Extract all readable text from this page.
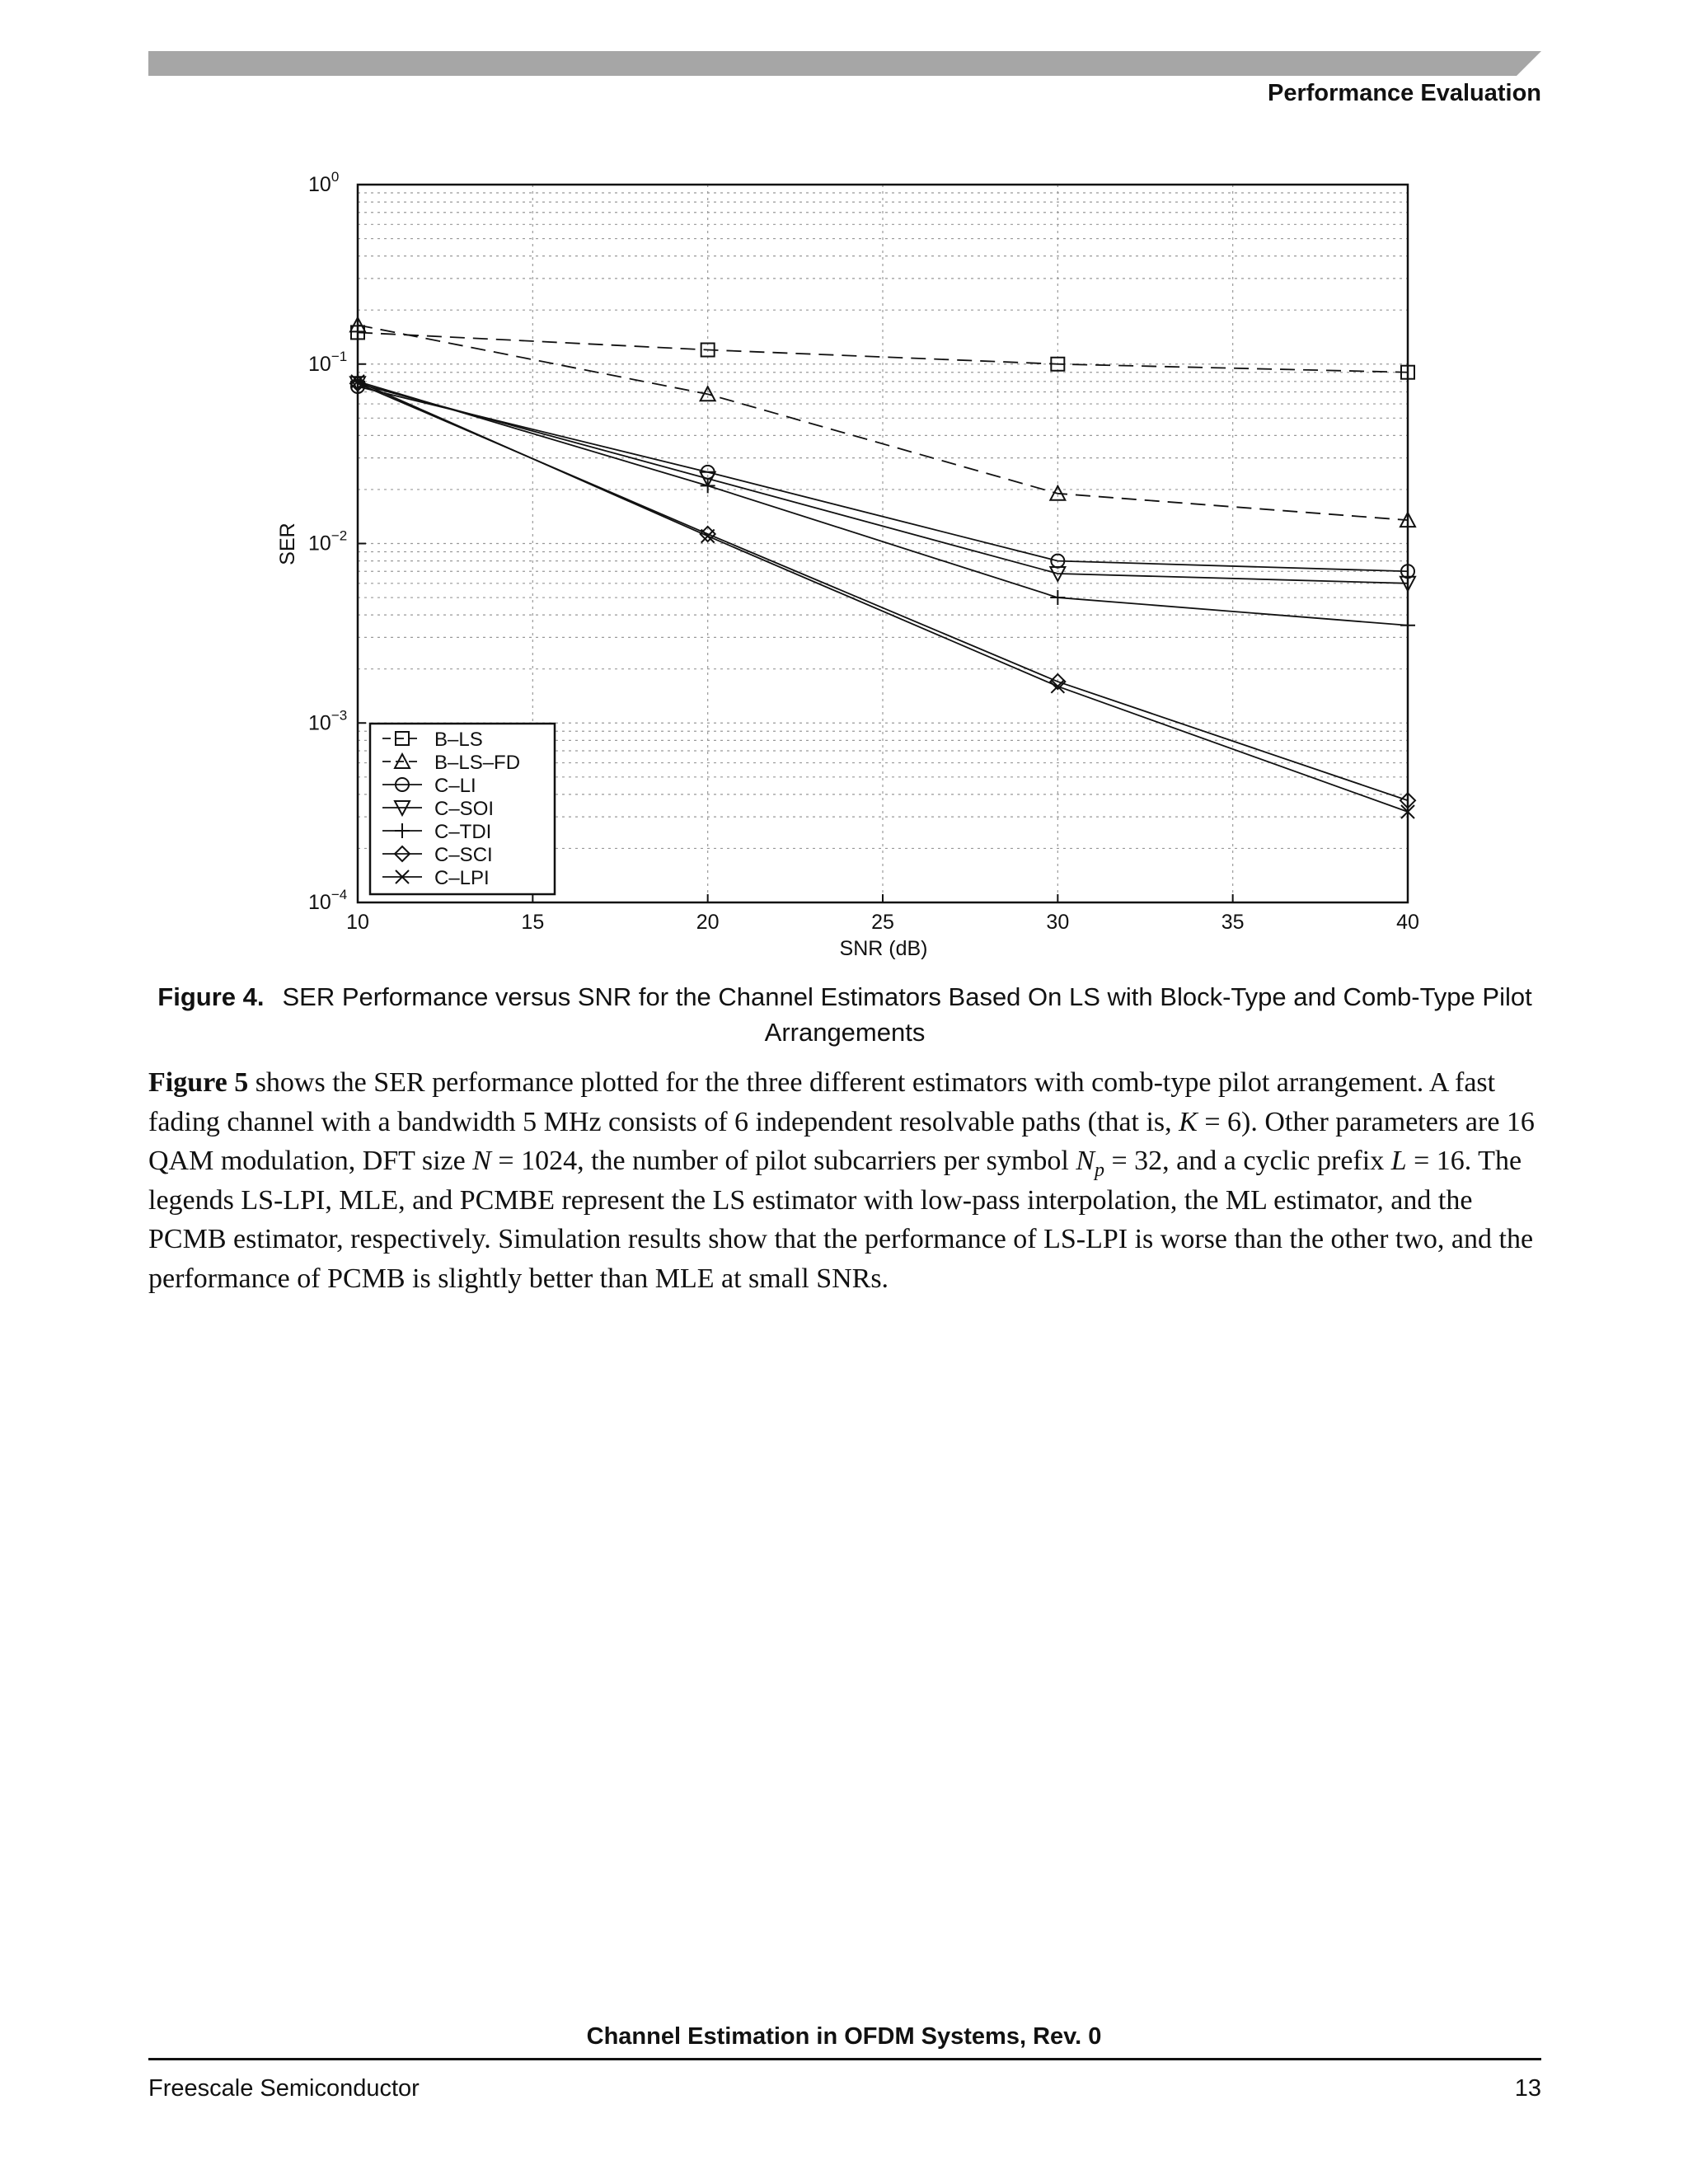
Performance Evaluation
10	15	20	25	30	35	40
$10^0$
$10^{-1}$
$10^{-2}$
$10^{-3}$
$10^{-4}$
B–LS
B–LS–FD
C–LI
C–SOI
C–TDI
C–SCI
C–LPI
SNR (dB)
SER
Figure 4. SER Performance versus SNR for the Channel Estimators Based On LS with Block-Type and Comb-Type Pilot Arrangements
Figure 5 shows the SER performance plotted for the three different estimators with comb-type pilot arrangement. A fast fading channel with a bandwidth 5 MHz consists of 6 independent resolvable paths (that is, K = 6). Other parameters are 16 QAM modulation, DFT size N = 1024, the number of pilot subcarriers per symbol $N_p = 32$, and a cyclic prefix L = 16. The legends LS-LPI, MLE, and PCMBE represent the LS estimator with low-pass interpolation, the ML estimator, and the PCMB estimator, respectively. Simulation results show that the performance of LS-LPI is worse than the other two, and the performance of PCMB is slightly better than MLE at small SNRs.
Channel Estimation in OFDM Systems, Rev. 0
Freescale Semiconductor	13
